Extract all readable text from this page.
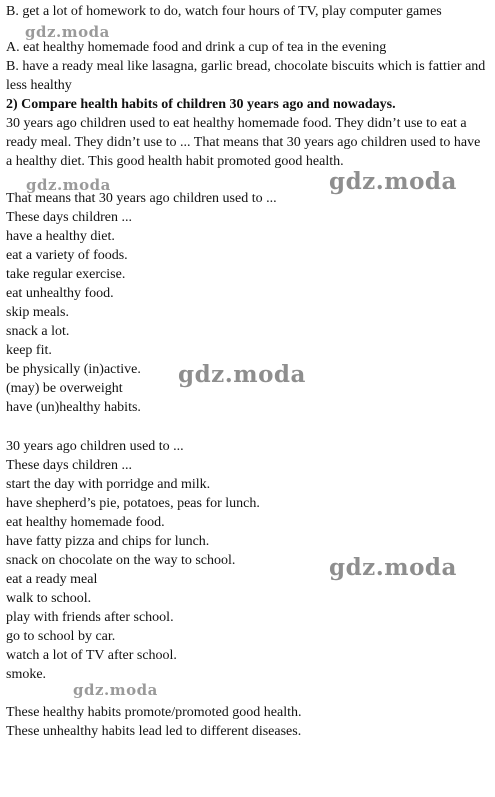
B. get a lot of homework to do, watch four hours of TV, play computer games
A. eat healthy homemade food and drink a cup of tea in the evening
B. have a ready meal like lasagna, garlic bread, chocolate biscuits which is fattier and less healthy
2) Compare health habits of children 30 years ago and nowadays.
30 years ago children used to eat healthy homemade food. They didn’t use to eat a ready meal. They didn’t use to ... That means that 30 years ago children used to have a healthy diet. This good health habit promoted good health.
That means that 30 years ago children used to ...
These days children ...
have a healthy diet.
eat a variety of foods.
take regular exercise.
eat unhealthy food.
skip meals.
snack a lot.
keep fit.
be physically (in)active.
(may) be overweight
have (un)healthy habits.
30 years ago children used to ...
These days children ...
start the day with porridge and milk.
have shepherd’s pie, potatoes, peas for lunch.
eat healthy homemade food.
have fatty pizza and chips for lunch.
snack on chocolate on the way to school.
eat a ready meal
walk to school.
play with friends after school.
go to school by car.
watch a lot of TV after school.
smoke.
These healthy habits promote/promoted good health.
These unhealthy habits lead led to different diseases.
gdz.moda
gdz.moda	gdz.moda
gdz.moda
gdz.moda
gdz.moda
